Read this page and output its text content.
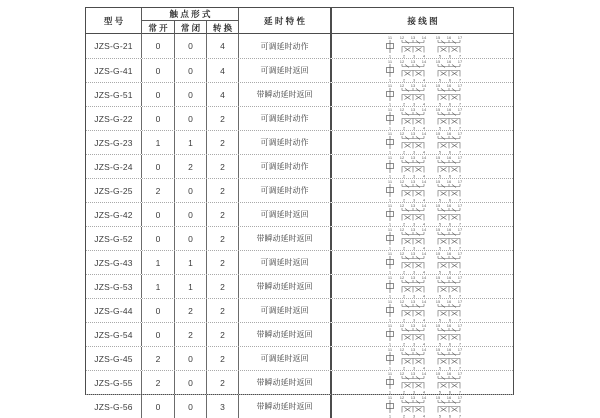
型 号
触 点 形 式
常 开	常 闭	转 换
延 时 特 性	接 线 图
JZS-G-21	0	0	4	可调延时动作
11
1
12
2
13
3
14
4
15
5
16
6
17
7
JZS-G-41	0	0	4	可调延时返回
11
1
12
2
13
3
14
4
15
5
16
6
17
7
JZS-G-51	0	0	4	带瞬动延时返回
11
1
12
2
13
3
14
4
15
5
16
6
17
7
JZS-G-22	0	0	2	可调延时动作
11
1
12
2
13
3
14
4
15
5
16
6
17
7
JZS-G-23	1	1	2	可调延时动作
11
1
12
2
13
3
14
4
15
5
16
6
17
7
JZS-G-24	0	2	2	可调延时动作
11
1
12
2
13
3
14
4
15
5
16
6
17
7
JZS-G-25	2	0	2	可调延时动作
11
1
12
2
13
3
14
4
15
5
16
6
17
7
JZS-G-42	0	0	2	可调延时返回
11
1
12
2
13
3
14
4
15
5
16
6
17
7
JZS-G-52	0	0	2	带瞬动延时返回
11
1
12
2
13
3
14
4
15
5
16
6
17
7
JZS-G-43	1	1	2	可调延时返回
11
1
12
2
13
3
14
4
15
5
16
6
17
7
JZS-G-53	1	1	2	带瞬动延时返回
11
1
12
2
13
3
14
4
15
5
16
6
17
7
JZS-G-44	0	2	2	可调延时返回
11
1
12
2
13
3
14
4
15
5
16
6
17
7
JZS-G-54	0	2	2	带瞬动延时返回
11
1
12
2
13
3
14
4
15
5
16
6
17
7
JZS-G-45	2	0	2	可调延时返回
11
1
12
2
13
3
14
4
15
5
16
6
17
7
JZS-G-55	2	0	2	带瞬动延时返回
11
1
12
2
13
3
14
4
15
5
16
6
17
7
JZS-G-56	0	0	3	带瞬动延时返回
11
1
12
2
13
3
14
4
15
5
16
6
17
7
